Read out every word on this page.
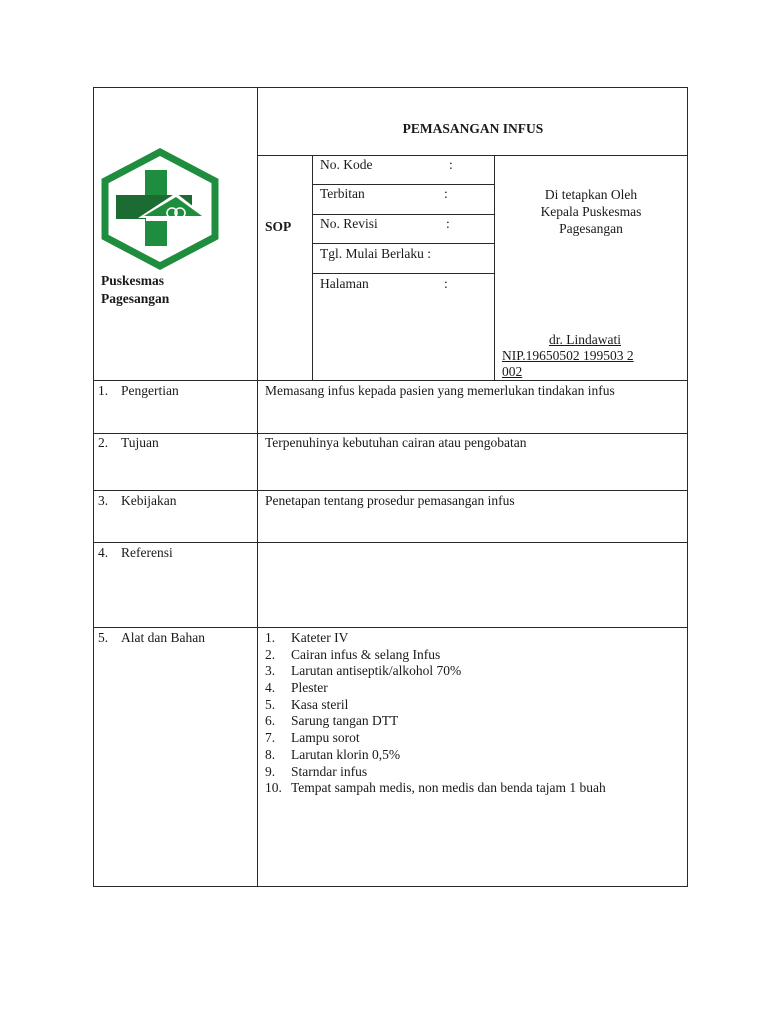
Puskesmas
Pagesangan
PEMASANGAN INFUS
SOP
No. Kode	:
Terbitan	:
No. Revisi	:
Tgl. Mulai Berlaku :
Halaman	:
Di tetapkan Oleh
Kepala Puskesmas
Pagesangan
dr. Lindawati
NIP.19650502 199503 2
002
1. Pengertian	Memasang infus kepada pasien yang memerlukan tindakan infus
2. Tujuan	Terpenuhinya kebutuhan cairan atau pengobatan
3. Kebijakan	Penetapan tentang prosedur pemasangan infus
4. Referensi
5. Alat dan Bahan	1. Kateter IV
2. Cairan infus & selang Infus
3. Larutan antiseptik/alkohol 70%
4. Plester
5. Kasa steril
6. Sarung tangan DTT
7. Lampu sorot
8. Larutan klorin 0,5%
9. Starndar infus
10. Tempat sampah medis, non medis dan benda tajam 1 buah
